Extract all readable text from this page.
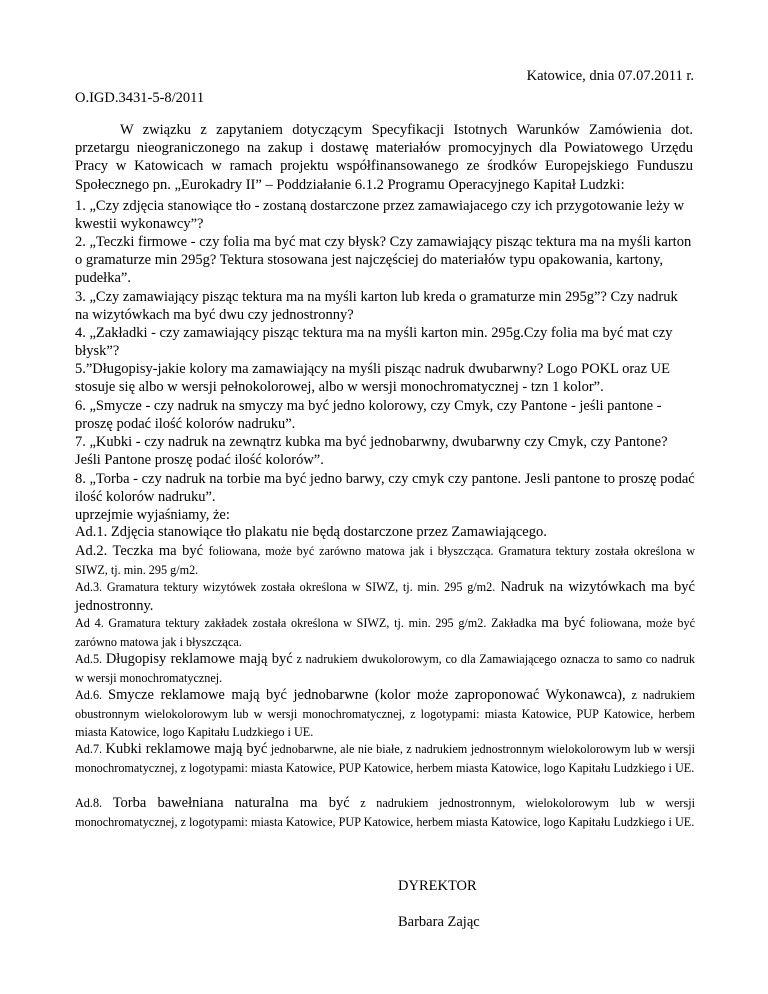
Katowice, dnia 07.07.2011 r.
O.IGD.3431-5-8/2011
W związku z zapytaniem dotyczącym Specyfikacji Istotnych Warunków Zamówienia dot. przetargu nieograniczonego na zakup i dostawę materiałów promocyjnych dla Powiatowego Urzędu Pracy w Katowicach w ramach projektu współfinansowanego ze środków Europejskiego Funduszu Społecznego pn. „Eurokadry II” – Poddziałanie 6.1.2 Programu Operacyjnego Kapitał Ludzki:
1. „Czy zdjęcia stanowiące tło - zostaną dostarczone przez zamawiajacego czy ich przygotowanie leży w kwestii wykonawcy”?
2. „Teczki firmowe - czy folia ma być mat czy błysk? Czy zamawiający pisząc tektura ma na myśli karton o gramaturze min 295g? Tektura stosowana jest najczęściej do materiałów typu opakowania, kartony, pudełka”.
3. „Czy zamawiający pisząc tektura ma na myśli karton lub kreda o gramaturze min 295g”? Czy nadruk na wizytówkach ma być dwu czy jednostronny?
4. „Zakładki - czy zamawiający pisząc tektura ma na myśli karton min. 295g.Czy folia ma być mat czy błysk”?
5.”Długopisy-jakie kolory ma zamawiający na myśli pisząc nadruk dwubarwny? Logo POKL oraz UE stosuje się albo w wersji pełnokolorowej, albo w wersji monochromatycznej - tzn 1 kolor”.
6. „Smycze - czy nadruk na smyczy ma być jedno kolorowy, czy Cmyk, czy Pantone - jeśli pantone - proszę podać ilość kolorów nadruku”.
7. „Kubki - czy nadruk na zewnątrz kubka ma być jednobarwny, dwubarwny czy Cmyk, czy Pantone? Jeśli Pantone proszę podać ilość kolorów”.
8. „Torba - czy nadruk na torbie ma być jedno barwy, czy cmyk czy pantone. Jesli pantone to proszę podać ilość kolorów nadruku”.
uprzejmie wyjaśniamy, że:
Ad.1. Zdjęcia stanowiące tło plakatu nie będą dostarczone przez Zamawiającego.
Ad.2. Teczka ma być foliowana, może być zarówno matowa jak i błyszcząca. Gramatura tektury została określona w SIWZ, tj. min. 295 g/m2.
Ad.3. Gramatura tektury wizytówek została określona w SIWZ, tj. min. 295 g/m2. Nadruk na wizytówkach ma być jednostronny.
Ad 4. Gramatura tektury zakładek została określona w SIWZ, tj. min. 295 g/m2. Zakładka ma być foliowana, może być zarówno matowa jak i błyszcząca.
Ad.5. Długopisy reklamowe mają być z nadrukiem dwukolorowym, co dla Zamawiającego oznacza to samo co nadruk w wersji monochromatycznej.
Ad.6. Smycze reklamowe mają być jednobarwne (kolor może zaproponować Wykonawca), z nadrukiem obustronnym wielokolorowym lub w wersji monochromatycznej, z logotypami: miasta Katowice, PUP Katowice, herbem miasta Katowice, logo Kapitału Ludzkiego i UE.
Ad.7. Kubki reklamowe mają być jednobarwne, ale nie białe, z nadrukiem jednostronnym wielokolorowym lub w wersji monochromatycznej, z logotypami: miasta Katowice, PUP Katowice, herbem miasta Katowice, logo Kapitału Ludzkiego i UE.
Ad.8. Torba bawełniana naturalna ma być z nadrukiem jednostronnym, wielokolorowym lub w wersji monochromatycznej, z logotypami: miasta Katowice, PUP Katowice, herbem miasta Katowice, logo Kapitału Ludzkiego i UE.
DYREKTOR
Barbara Zając
